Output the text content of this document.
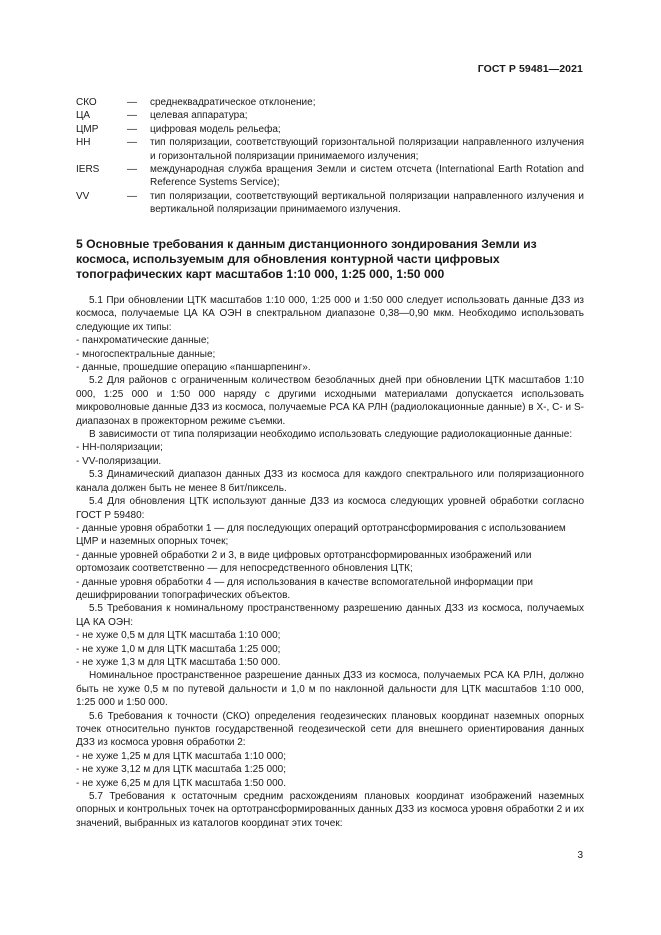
ГОСТ Р 59481—2021
СКО	—	среднеквадратическое отклонение;
ЦА	—	целевая аппаратура;
ЦМР	—	цифровая модель рельефа;
НН	—	тип поляризации, соответствующий горизонтальной поляризации направленного излучения и горизонтальной поляризации принимаемого излучения;
IERS	—	международная служба вращения Земли и систем отсчета (International Earth Rotation and Reference Systems Service);
VV	—	тип поляризации, соответствующий вертикальной поляризации направленного излучения и вертикальной поляризации принимаемого излучения.
5 Основные требования к данным дистанционного зондирования Земли из космоса, используемым для обновления контурной части цифровых топографических карт масштабов 1:10 000, 1:25 000, 1:50 000

5.1 При обновлении ЦТК масштабов 1:10 000, 1:25 000 и 1:50 000 следует использовать данные ДЗЗ из космоса, получаемые ЦА КА ОЭН в спектральном диапазоне 0,38—0,90 мкм. Необходимо использовать следующие их типы:

- панхроматические данные;

- многоспектральные данные;

- данные, прошедшие операцию «паншарпенинг».

5.2 Для районов с ограниченным количеством безоблачных дней при обновлении ЦТК масштабов 1:10 000, 1:25 000 и 1:50 000 наряду с другими исходными материалами допускается использовать микроволновые данные ДЗЗ из космоса, получаемые РСА КА РЛН (радиолокационные данные) в X-, C- и S- диапазонах в прожекторном режиме съемки.

В зависимости от типа поляризации необходимо использовать следующие радиолокационные данные:

- НН-поляризации;

- VV-поляризации.

5.3 Динамический диапазон данных ДЗЗ из космоса для каждого спектрального или поляризационного канала должен быть не менее 8 бит/пиксель.

5.4 Для обновления ЦТК используют данные ДЗЗ из космоса следующих уровней обработки согласно ГОСТ Р 59480:

- данные уровня обработки 1 — для последующих операций ортотрансформирования с использованием ЦМР и наземных опорных точек;

- данные уровней обработки 2 и 3, в виде цифровых ортотрансформированных изображений или ортомозаик соответственно — для непосредственного обновления ЦТК;

- данные уровня обработки 4 — для использования в качестве вспомогательной информации при дешифрировании топографических объектов.

5.5 Требования к номинальному пространственному разрешению данных ДЗЗ из космоса, получаемых ЦА КА ОЭН:

- не хуже 0,5 м для ЦТК масштаба 1:10 000;

- не хуже 1,0 м для ЦТК масштаба 1:25 000;

- не хуже 1,3 м для ЦТК масштаба 1:50 000.

Номинальное пространственное разрешение данных ДЗЗ из космоса, получаемых РСА КА РЛН, должно быть не хуже 0,5 м по путевой дальности и 1,0 м по наклонной дальности для ЦТК масштабов 1:10 000, 1:25 000 и 1:50 000.

5.6 Требования к точности (СКО) определения геодезических плановых координат наземных опорных точек относительно пунктов государственной геодезической сети для внешнего ориентирования данных ДЗЗ из космоса уровня обработки 2:

- не хуже 1,25 м для ЦТК масштаба 1:10 000;

- не хуже 3,12 м для ЦТК масштаба 1:25 000;

- не хуже 6,25 м для ЦТК масштаба 1:50 000.

5.7 Требования к остаточным средним расхождениям плановых координат изображений наземных опорных и контрольных точек на ортотрансформированных данных ДЗЗ из космоса уровня обработки 2 и их значений, выбранных из каталогов координат этих точек:

3
